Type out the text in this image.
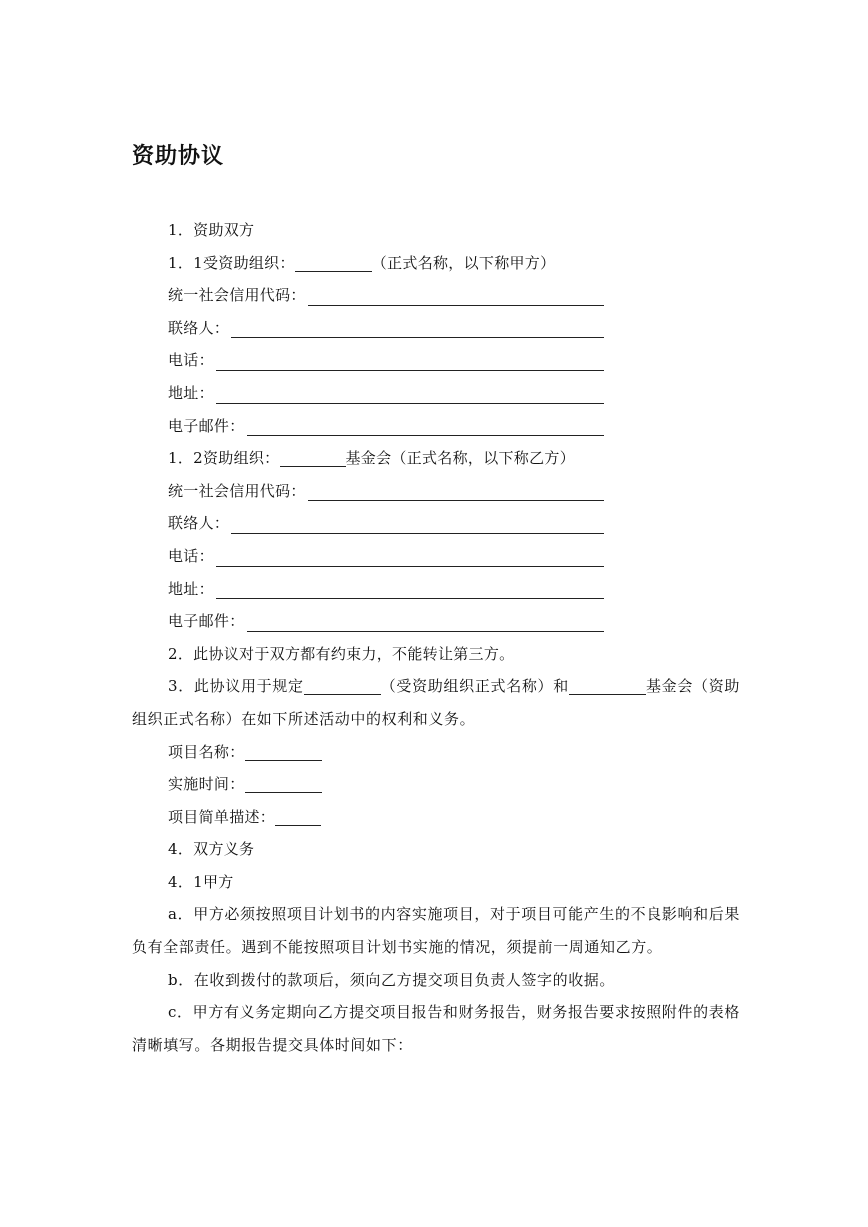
资助协议
1．资助双方
1．1受资助组织：	（正式名称，以下称甲方）
统一社会信用代码：
联络人：
电话：
地址：
电子邮件：
1．2资助组织：	基金会（正式名称，以下称乙方）
统一社会信用代码：
联络人：
电话：
地址：
电子邮件：
2．此协议对于双方都有约束力，不能转让第三方。
3．此协议用于规定	（受资助组织正式名称）和	基金会（资助组织正式名称）在如下所述活动中的权利和义务。
项目名称：
实施时间：
项目简单描述：
4．双方义务
4．1甲方
a．甲方必须按照项目计划书的内容实施项目，对于项目可能产生的不良影响和后果负有全部责任。遇到不能按照项目计划书实施的情况，须提前一周通知乙方。
b．在收到拨付的款项后，须向乙方提交项目负责人签字的收据。
c．甲方有义务定期向乙方提交项目报告和财务报告，财务报告要求按照附件的表格清晰填写。各期报告提交具体时间如下：
